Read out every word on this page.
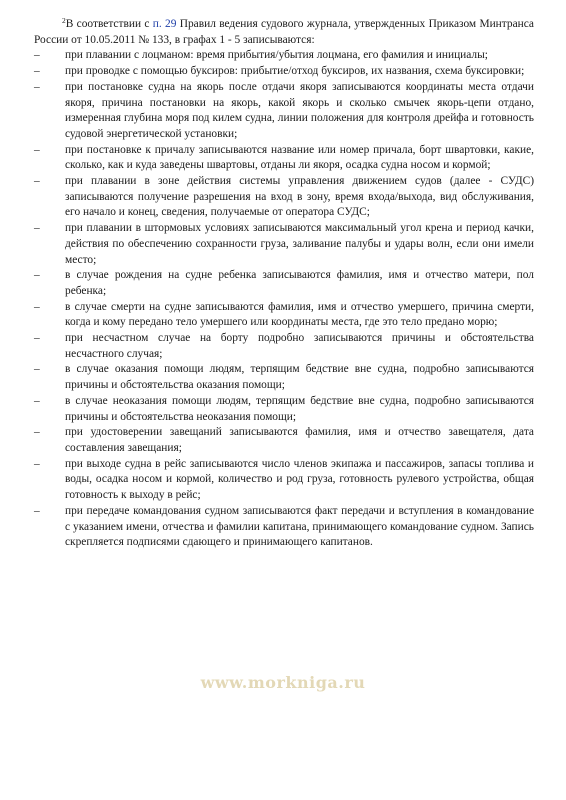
$^2$В соответствии с п. 29 Правил ведения судового журнала, утвержденных Приказом Минтранса России от 10.05.2011 № 133, в графах 1 - 5 записываются:

– при плавании с лоцманом: время прибытия/убытия лоцмана, его фамилия и инициалы;
– при проводке с помощью буксиров: прибытие/отход буксиров, их названия, схема буксировки;
– при постановке судна на якорь после отдачи якоря записываются координаты места отдачи якоря, причина постановки на якорь, какой якорь и сколько смычек якорь-цепи отдано, измеренная глубина моря под килем судна, линии положения для контроля дрейфа и готовность судовой энергетической установки;
– при постановке к причалу записываются название или номер причала, борт швартовки, какие, сколько, как и куда заведены швартовы, отданы ли якоря, осадка судна носом и кормой;
– при плавании в зоне действия системы управления движением судов (далее - СУДС) записываются получение разрешения на вход в зону, время входа/выхода, вид обслуживания, его начало и конец, сведения, получаемые от оператора СУДС;
– при плавании в штормовых условиях записываются максимальный угол крена и период качки, действия по обеспечению сохранности груза, заливание палубы и удары волн, если они имели место;
– в случае рождения на судне ребенка записываются фамилия, имя и отчество матери, пол ребенка;
– в случае смерти на судне записываются фамилия, имя и отчество умершего, причина смерти, когда и кому передано тело умершего или координаты места, где это тело предано морю;
– при несчастном случае на борту подробно записываются причины и обстоятельства несчастного случая;
– в случае оказания помощи людям, терпящим бедствие вне судна, подробно записываются причины и обстоятельства оказания помощи;
– в случае неоказания помощи людям, терпящим бедствие вне судна, подробно записываются причины и обстоятельства неоказания помощи;
– при удостоверении завещаний записываются фамилия, имя и отчество завещателя, дата составления завещания;
– при выходе судна в рейс записываются число членов экипажа и пассажиров, запасы топлива и воды, осадка носом и кормой, количество и род груза, готовность рулевого устройства, общая готовность к выходу в рейс;
– при передаче командования судном записываются факт передачи и вступления в командование с указанием имени, отчества и фамилии капитана, принимающего командование судном. Запись скрепляется подписями сдающего и принимающего капитанов.
www.morkniga.ru
